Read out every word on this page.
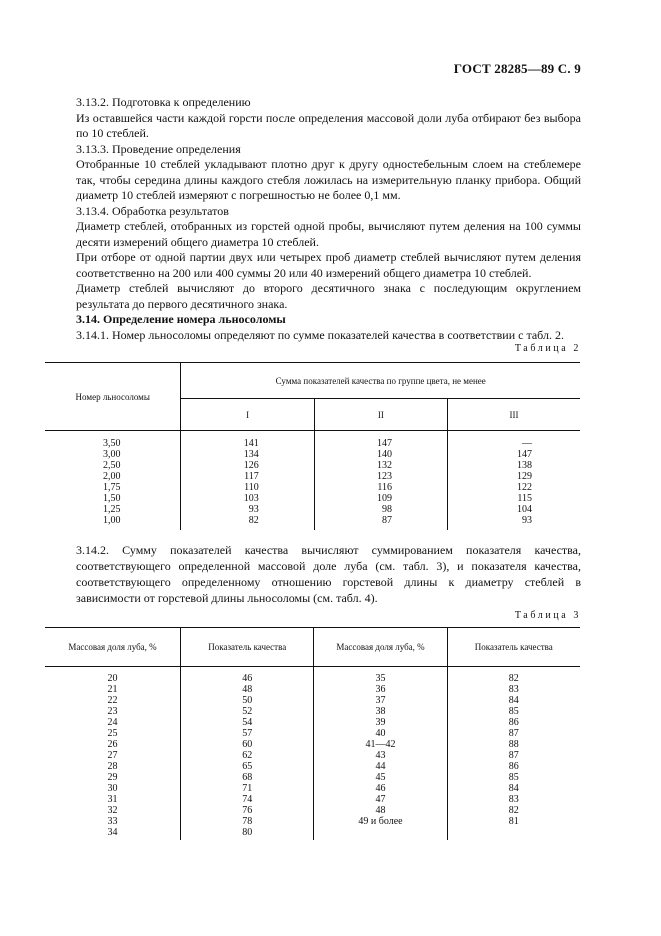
ГОСТ 28285—89 С. 9

3.13.2. Подготовка к определению

Из оставшейся части каждой горсти после определения массовой доли луба отбирают без выбора по 10 стеблей.

3.13.3. Проведение определения

Отобранные 10 стеблей укладывают плотно друг к другу одностебельным слоем на стеблемере так, чтобы середина длины каждого стебля ложилась на измерительную планку прибора. Общий диаметр 10 стеблей измеряют с погрешностью не более 0,1 мм.

3.13.4. Обработка результатов

Диаметр стеблей, отобранных из горстей одной пробы, вычисляют путем деления на 100 суммы десяти измерений общего диаметра 10 стеблей.

При отборе от одной партии двух или четырех проб диаметр стеблей вычисляют путем деления соответственно на 200 или 400 суммы 20 или 40 измерений общего диаметра 10 стеблей.

Диаметр стеблей вычисляют до второго десятичного знака с последующим округлением результата до первого десятичного знака.

3.14. Определение номера льносоломы

3.14.1. Номер льносоломы определяют по сумме показателей качества в соответствии с табл. 2.

Таблица 2
Номер льносоломы	Сумма показателей качества по группе цвета, не менее		
	I	II	III
3,50	141	147	—
3,00	134	140	147
2,50	126	132	138
2,00	117	123	129
1,75	110	116	122
1,50	103	109	115
1,25	93	98	104
1,00	82	87	93

3.14.2. Сумму показателей качества вычисляют суммированием показателя качества, соответствующего определенной массовой доле луба (см. табл. 3), и показателя качества, соответствующего определенному отношению горстевой длины к диаметру стеблей в зависимости от горстевой длины льносоломы (см. табл. 4).

Таблица 3
Массовая доля луба, %	Показатель качества	Массовая доля луба, %	Показатель качества
20	46	35	82
21	48	36	83
22	50	37	84
23	52	38	85
24	54	39	86
25	57	40	87
26	60	41—42	88
27	62	43	87
28	65	44	86
29	68	45	85
30	71	46	84
31	74	47	83
32	76	48	82
33	78	49 и более	81
34	80		
